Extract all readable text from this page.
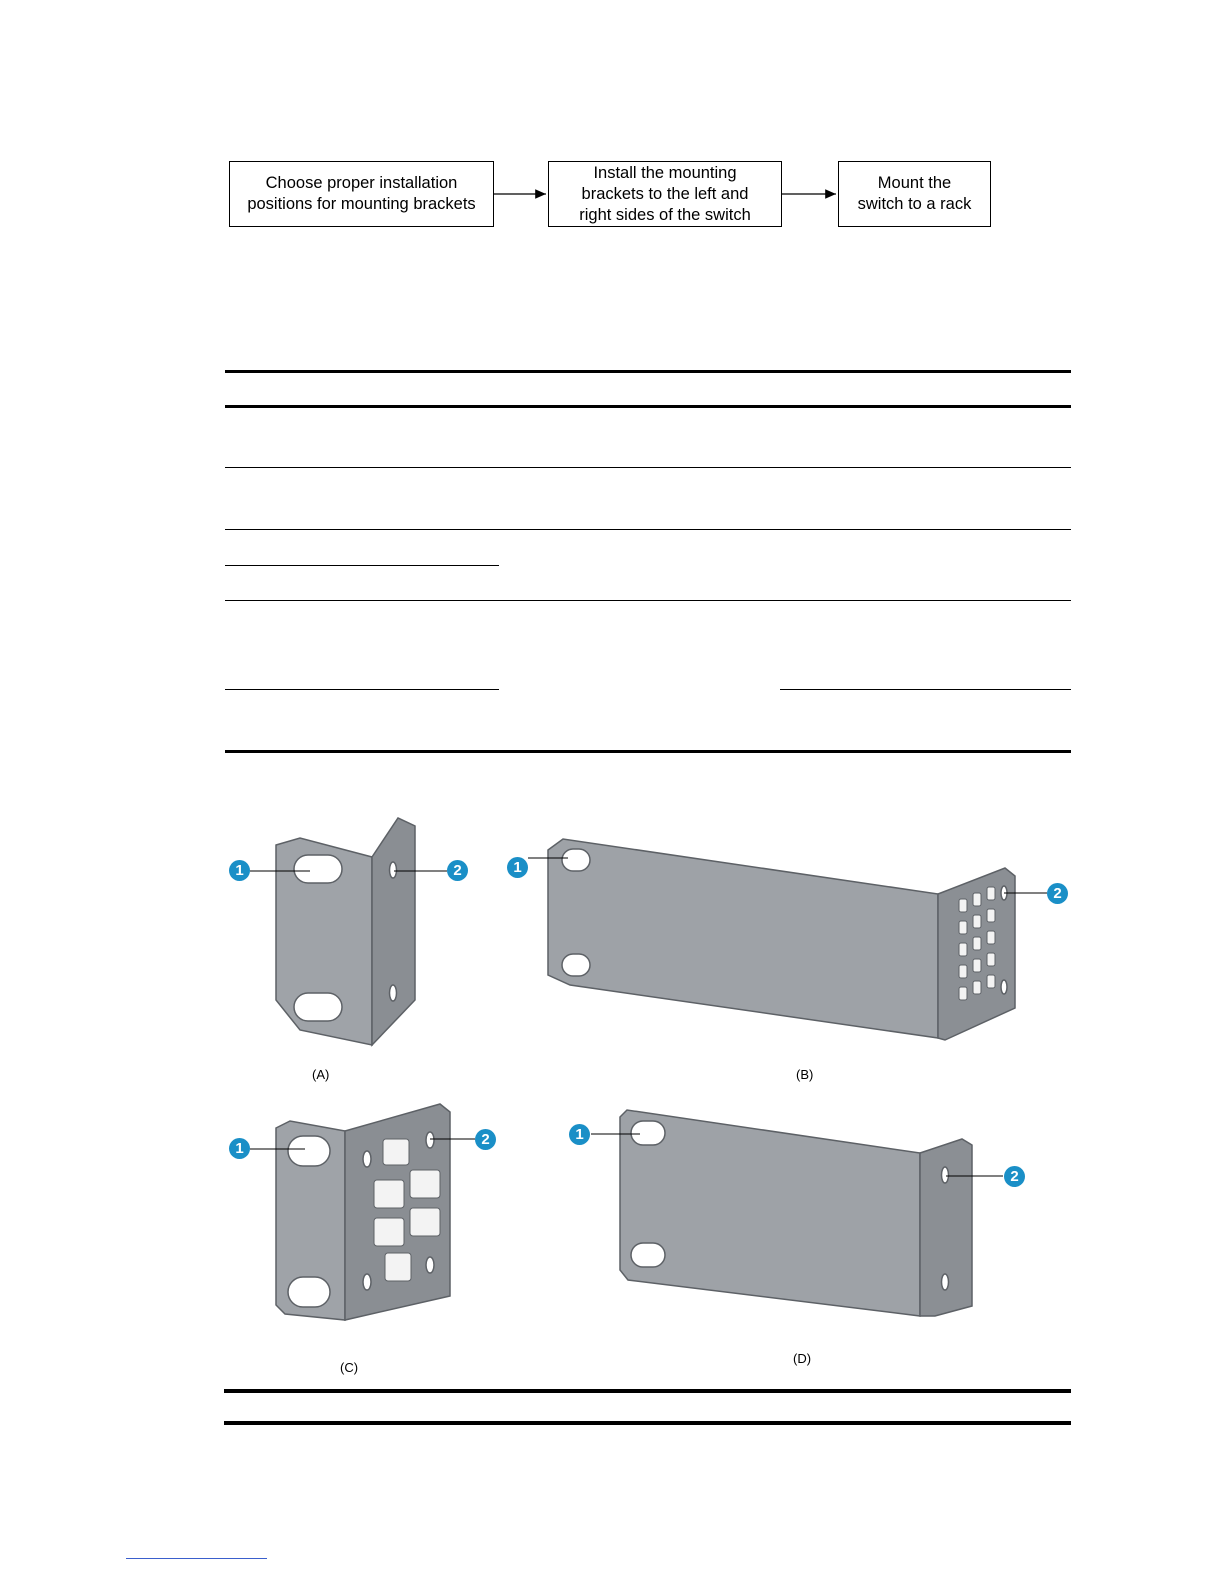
Choose proper installation
positions for mounting brackets
Install the mounting
brackets to the left and
right sides of the switch
Mount the
switch to a rack
1	2	1
2
1
2	1
2
(A)	(B)
(C)
(D)
